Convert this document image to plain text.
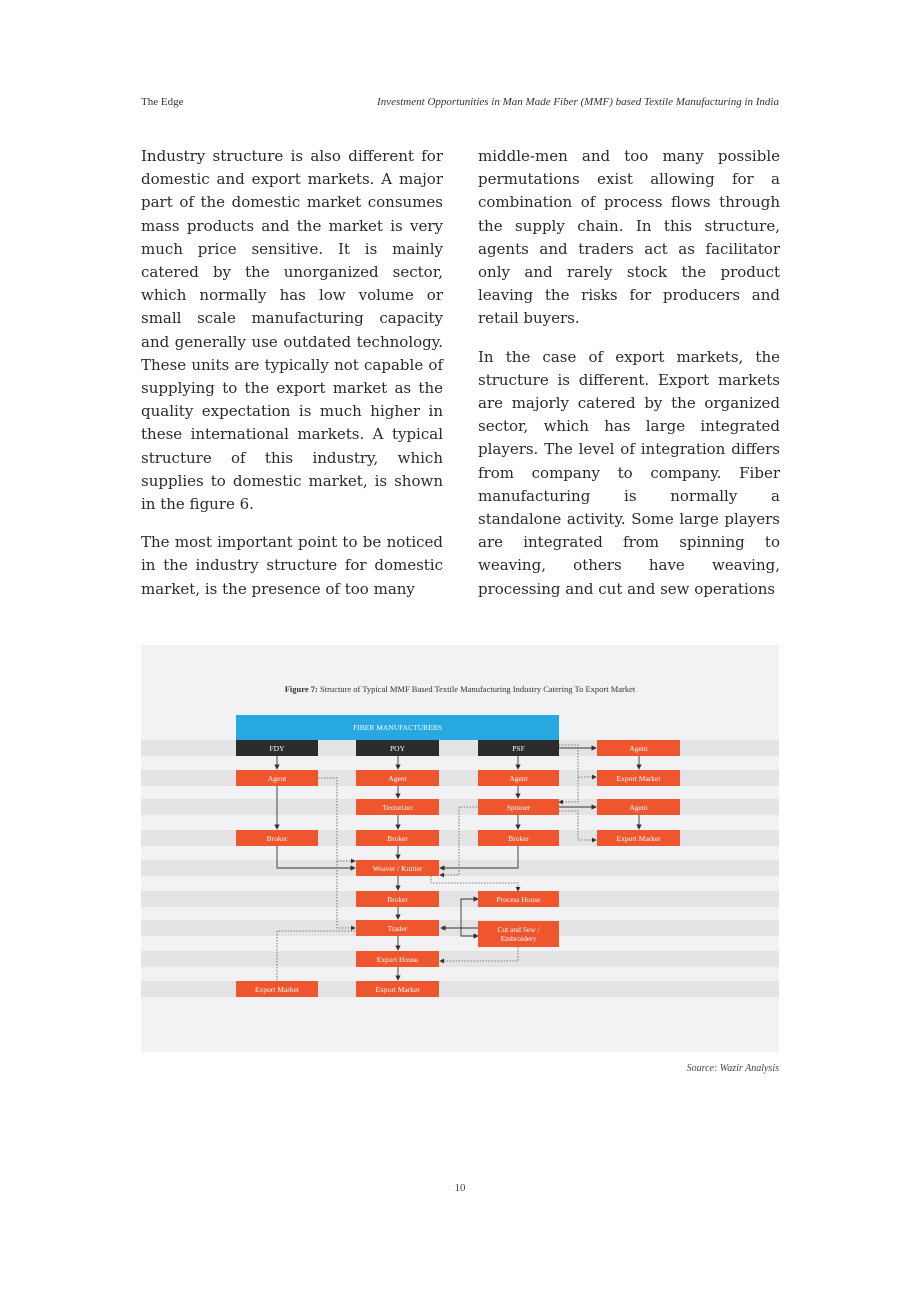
The Edge	Investment Opportunities in Man Made Fiber (MMF) based Textile Manufacturing in India

Industry structure is also different for domestic and export markets. A major part of the domestic market consumes mass products and the market is very much price sensitive. It is mainly catered by the unorganized sector, which normally has low volume or small scale manufacturing capacity and generally use outdated technology. These units are typically not capable of supplying to the export market as the quality expectation is much higher in these international markets. A typical structure of this industry, which supplies to domestic market, is shown in the figure 6.

The most important point to be noticed in the industry structure for domestic market, is the presence of too many

middle-men and too many possible permutations exist allowing for a combination of process flows through the supply chain. In this structure, agents and traders act as facilitator only and rarely stock the product leaving the risks for producers and retail buyers.

In the case of export markets, the structure is different. Export markets are majorly catered by the organized sector, which has large integrated players. The level of integration differs from company to company. Fiber manufacturing is normally a standalone activity. Some large players are integrated from spinning to weaving, others have weaving, processing and cut and sew operations

Figure 7: Structure of Typical MMF Based Textile Manufacturing Industry Catering To Export Market
FIBER MANUFACTURERS
FDY	POY	PSF
Agent
Broker
Export Market
Agent
Texturizer
Broker
Weaver / Knitter
Broker
Trader
Export House
Export Market
Agent
Spinner
Broker
Process House
Cut and Sew / Embroidery
Agent
Export Market
Agent
Export Market
Source: Wazir Analysis
10
